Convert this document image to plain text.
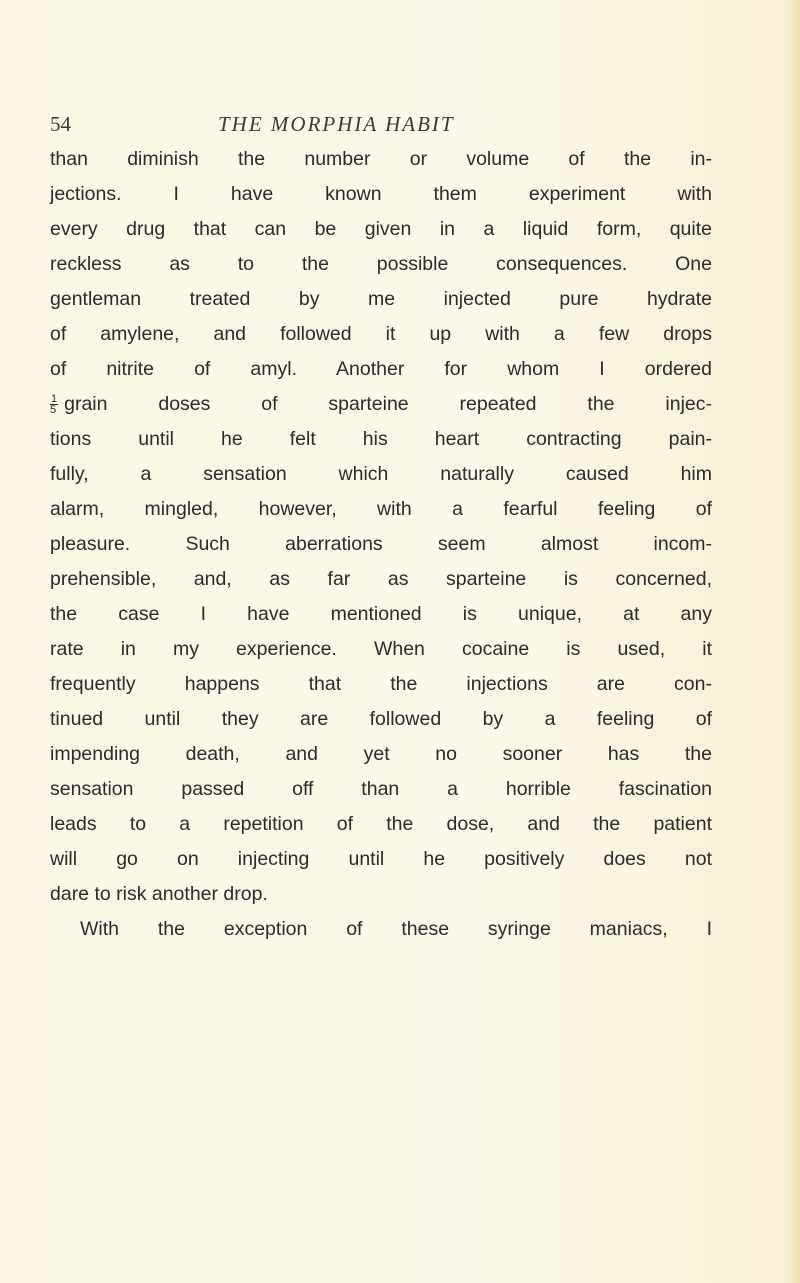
54	THE MORPHIA HABIT
than diminish the number or volume of the in-
jections. I have known them experiment with
every drug that can be given in a liquid form, quite
reckless as to the possible consequences. One
gentleman treated by me injected pure hydrate
of amylene, and followed it up with a few drops
of nitrite of amyl. Another for whom I ordered
$\frac{1}{5}$ grain doses of sparteine repeated the injec-
tions until he felt his heart contracting pain-
fully, a sensation which naturally caused him
alarm, mingled, however, with a fearful feeling of
pleasure. Such aberrations seem almost incom-
prehensible, and, as far as sparteine is concerned,
the case I have mentioned is unique, at any
rate in my experience. When cocaine is used, it
frequently happens that the injections are con-
tinued until they are followed by a feeling of
impending death, and yet no sooner has the
sensation passed off than a horrible fascination
leads to a repetition of the dose, and the patient
will go on injecting until he positively does not
dare to risk another drop.
With the exception of these syringe maniacs, I
